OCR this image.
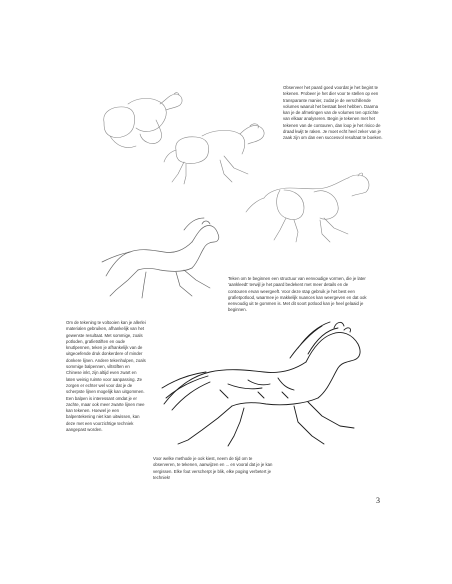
Observeer het paard goed voordat je het begint te tekenen. Probeer je het dier voor te stellen op een transparante manier, zodat je de verschillende volumes waaruit het bestaat beet hebben. Daarna kan je de afmetingen van de volumes ten opzichte van elkaar analyseren. Begin je tekenen met het tekenen van de contouren, dan loop je het risico de draad kwijt te raken. Je moet echt heel zeker van je zaak zijn om dan een succesvol resultaat te boeken.

Teken om te beginnen een structuur van eenvoudige vormen, die je later 'aankleedt' terwijl je het paard bedekent met meer details en de contouren ervan weergeeft. Voor deze stap gebruik je het best een grafietpotlood, waarmee je makkelijk nuances kan weergeven en dat ook eenvoudig uit te gommen is. Met dit soort potlood kan je heel gelaaid je beginnen.

Om de tekening te voltooien kan je allerlei materialen gebruiken, afhankelijk van het gewenste resultaat. Met sommige, zoals potloden, grafietstiften en oude knutlpennen, teken je afhankelijk van de uitgeoefende druk donkerdere of minder donkere lijnen. Andere tekenhulpen, zoals sommige balpennen, viltstiften en Chinese inkt, zijn altijd even zwart en laten weinig ruimte voor aanpassing. Ze zorgen er echter wel voor dat je de scherpste lijnen mogelijk kan uitgommen. Een balpen is interessant omdat je er zachte, maar ook meer zwarte lijnen mee kan tekenen. Hoewel je een balpentekening niet kan uitwissen, kan deze met een voorzichtige techniek aangepast worden.

Voor welke methode je ook kiest, neem de tijd om te observeren, te tekenen, aanwijzen en ... en vooral dat je je kan vergissen. Elke fout verscherpt je blik, elke poging verbetert je techniek!

3
